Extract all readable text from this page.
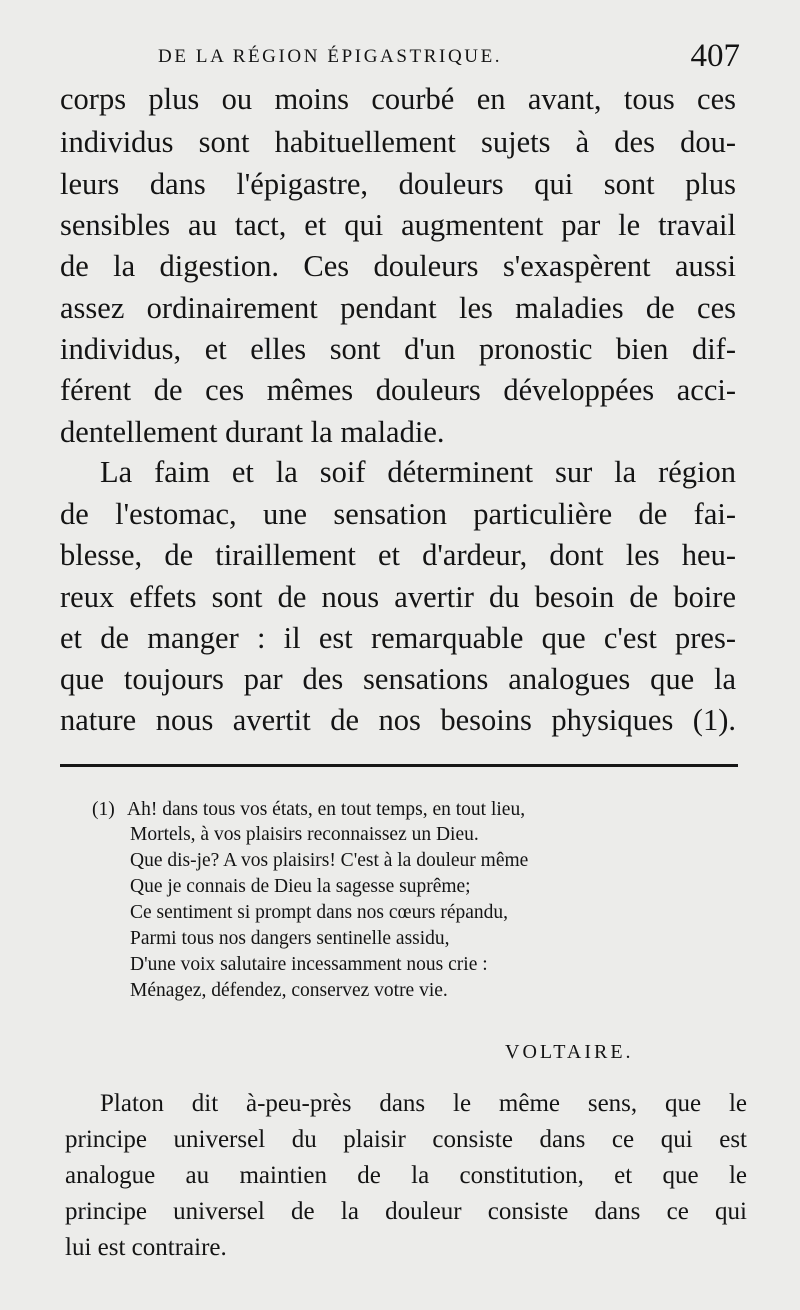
DE LA RÉGION ÉPIGASTRIQUE.	407
corps plus ou moins courbé en avant, tous ces
individus sont habituellement sujets à des dou-
leurs dans l'épigastre, douleurs qui sont plus
sensibles au tact, et qui augmentent par le travail
de la digestion. Ces douleurs s'exaspèrent aussi
assez ordinairement pendant les maladies de ces
individus, et elles sont d'un pronostic bien dif-
férent de ces mêmes douleurs développées acci-
dentellement durant la maladie.
La faim et la soif déterminent sur la région
de l'estomac, une sensation particulière de fai-
blesse, de tiraillement et d'ardeur, dont les heu-
reux effets sont de nous avertir du besoin de boire
et de manger : il est remarquable que c'est pres-
que toujours par des sensations analogues que la
nature nous avertit de nos besoins physiques (1).
(1) Ah! dans tous vos états, en tout temps, en tout lieu,
Mortels, à vos plaisirs reconnaissez un Dieu.
Que dis-je? A vos plaisirs! C'est à la douleur même
Que je connais de Dieu la sagesse suprême;
Ce sentiment si prompt dans nos cœurs répandu,
Parmi tous nos dangers sentinelle assidu,
D'une voix salutaire incessamment nous crie :
Ménagez, défendez, conservez votre vie.
VOLTAIRE.
Platon dit à-peu-près dans le même sens, que le
principe universel du plaisir consiste dans ce qui est
analogue au maintien de la constitution, et que le
principe universel de la douleur consiste dans ce qui
lui est contraire.
